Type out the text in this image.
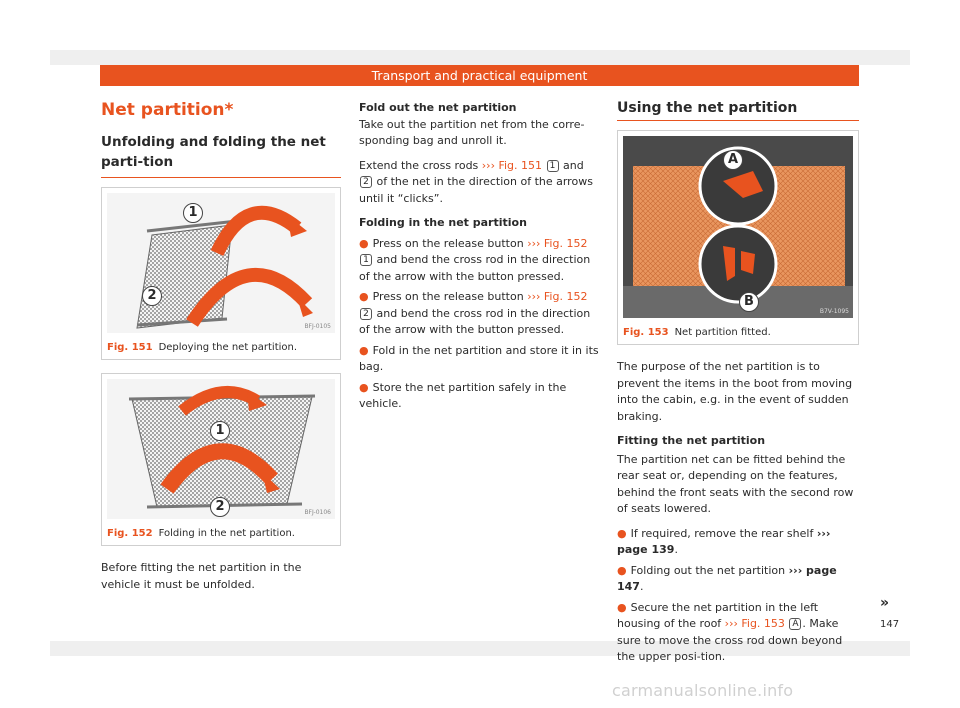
Transport and practical equipment
Net partition*
Unfolding and folding the net parti-tion
1
2
BFJ-0105
Fig. 151 Deploying the net partition.
1
2	BFJ-0106
Fig. 152 Folding in the net partition.

Before fitting the net partition in the vehicle it must be unfolded.

Fold out the net partition

Take out the partition net from the corre-sponding bag and unroll it.

Extend the cross rods ››› Fig. 151 1 and 2 of the net in the direction of the arrows until it “clicks”.

Folding in the net partition

● Press on the release button ››› Fig. 152 1 and bend the cross rod in the direction of the arrow with the button pressed.

● Press on the release button ››› Fig. 152 2 and bend the cross rod in the direction of the arrow with the button pressed.

● Fold in the net partition and store it in its bag.

● Store the net partition safely in the vehicle.

Using the net partition
A
B
B7V-1095
Fig. 153 Net partition fitted.

The purpose of the net partition is to prevent the items in the boot from moving into the cabin, e.g. in the event of sudden braking.

Fitting the net partition

The partition net can be fitted behind the rear seat or, depending on the features, behind the front seats with the second row of seats lowered.

● If required, remove the rear shelf ››› page 139.

● Folding out the net partition ››› page 147.

● Secure the net partition in the left housing of the roof ››› Fig. 153 A . Make sure to move the cross rod down beyond the upper posi-tion.

»
147
carmanualsonline.info
